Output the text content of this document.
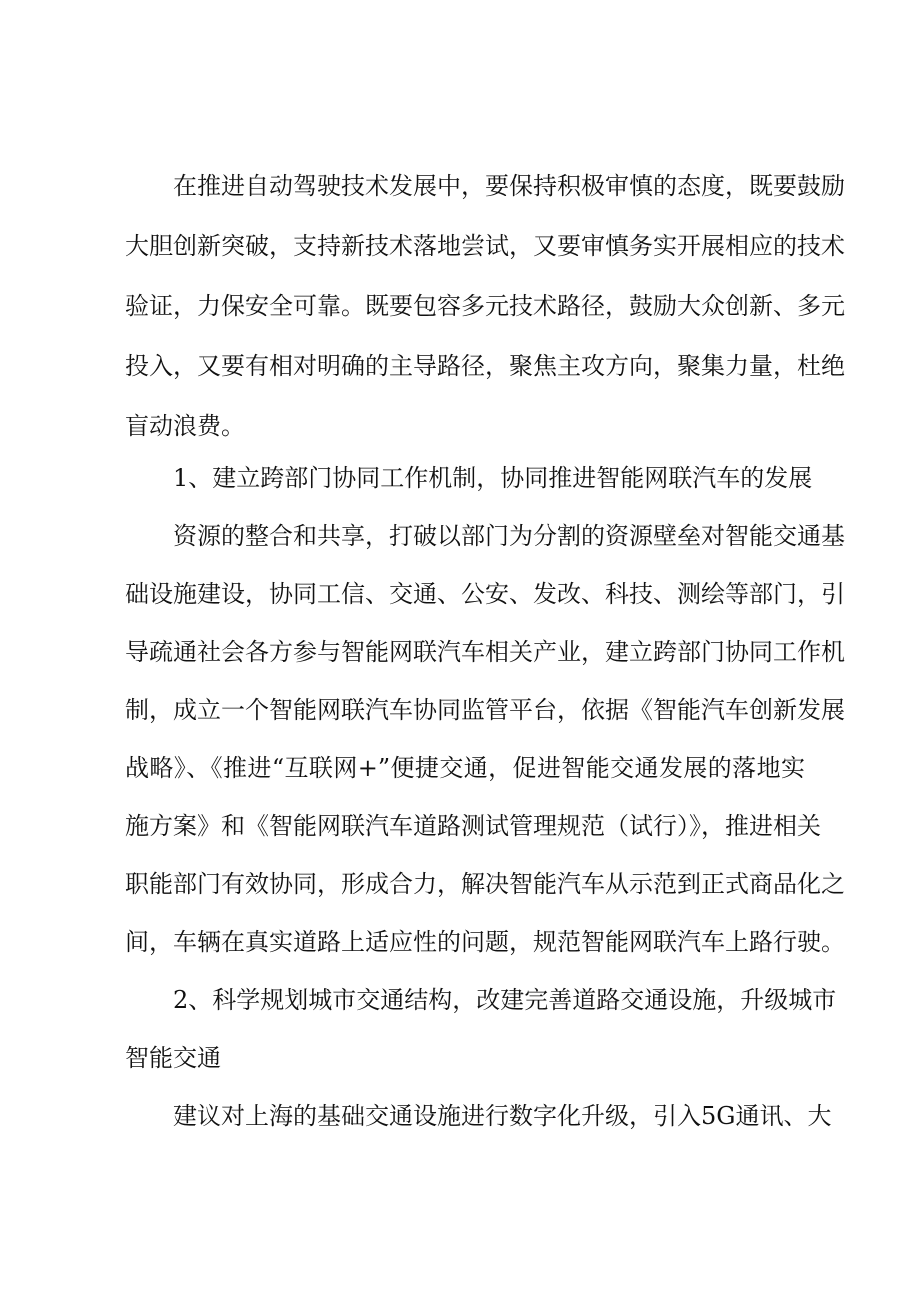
在推进自动驾驶技术发展中，要保持积极审慎的态度，既要鼓励
大胆创新突破，支持新技术落地尝试，又要审慎务实开展相应的技术
验证，力保安全可靠。既要包容多元技术路径，鼓励大众创新、多元
投入，又要有相对明确的主导路径，聚焦主攻方向，聚集力量，杜绝
盲动浪费。
1、建立跨部门协同工作机制，协同推进智能网联汽车的发展
资源的整合和共享，打破以部门为分割的资源壁垒对智能交通基
础设施建设，协同工信、交通、公安、发改、科技、测绘等部门，引
导疏通社会各方参与智能网联汽车相关产业，建立跨部门协同工作机
制，成立一个智能网联汽车协同监管平台，依据《智能汽车创新发展
战略》、《推进“互联网+”便捷交通，促进智能交通发展的落地实
施方案》和《智能网联汽车道路测试管理规范（试行）》，推进相关
职能部门有效协同，形成合力，解决智能汽车从示范到正式商品化之
间，车辆在真实道路上适应性的问题，规范智能网联汽车上路行驶。
2、科学规划城市交通结构，改建完善道路交通设施，升级城市
智能交通
建议对上海的基础交通设施进行数字化升级，引入5G通讯、大
